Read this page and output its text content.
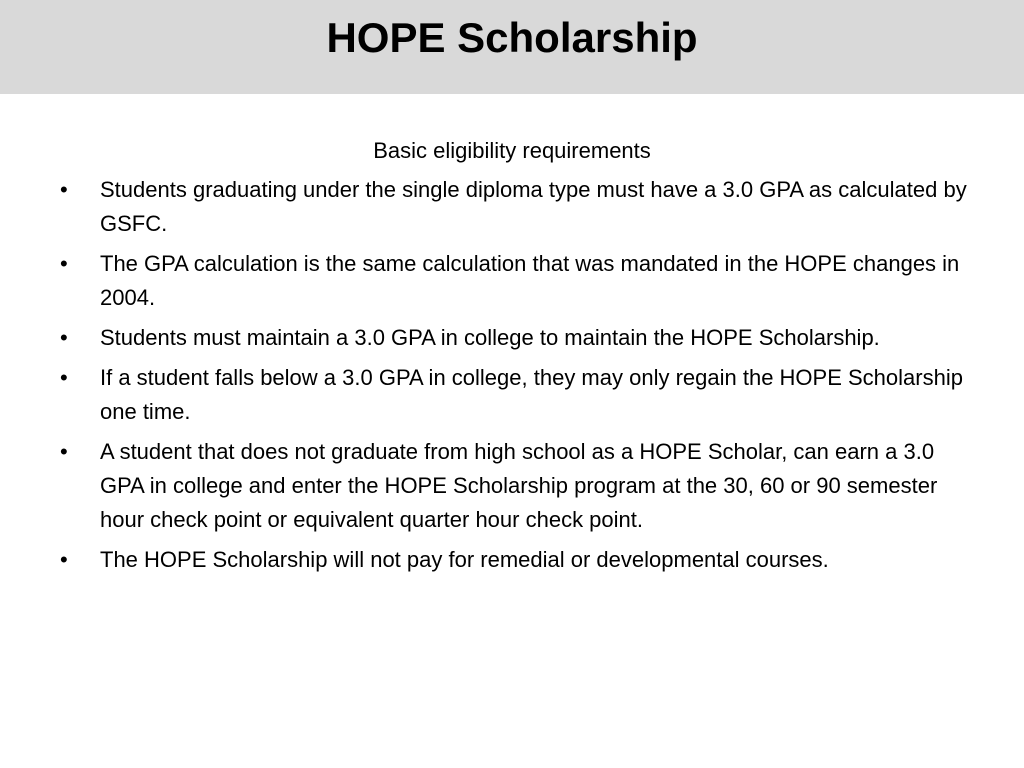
HOPE Scholarship

Basic eligibility requirements

•	Students graduating under the single diploma type must have a 3.0 GPA as calculated by GSFC.
•	The GPA calculation is the same calculation that was mandated in the HOPE changes in 2004.
•	Students must maintain a 3.0 GPA in college to maintain the HOPE Scholarship.
•	If a student falls below a 3.0 GPA in college, they may only regain the HOPE Scholarship one time.
•	A student that does not graduate from high school as a HOPE Scholar, can earn a 3.0 GPA in college and enter the HOPE Scholarship program at the 30, 60 or 90 semester hour check point or equivalent quarter hour check point.
•	The HOPE Scholarship will not pay for remedial or developmental courses.
